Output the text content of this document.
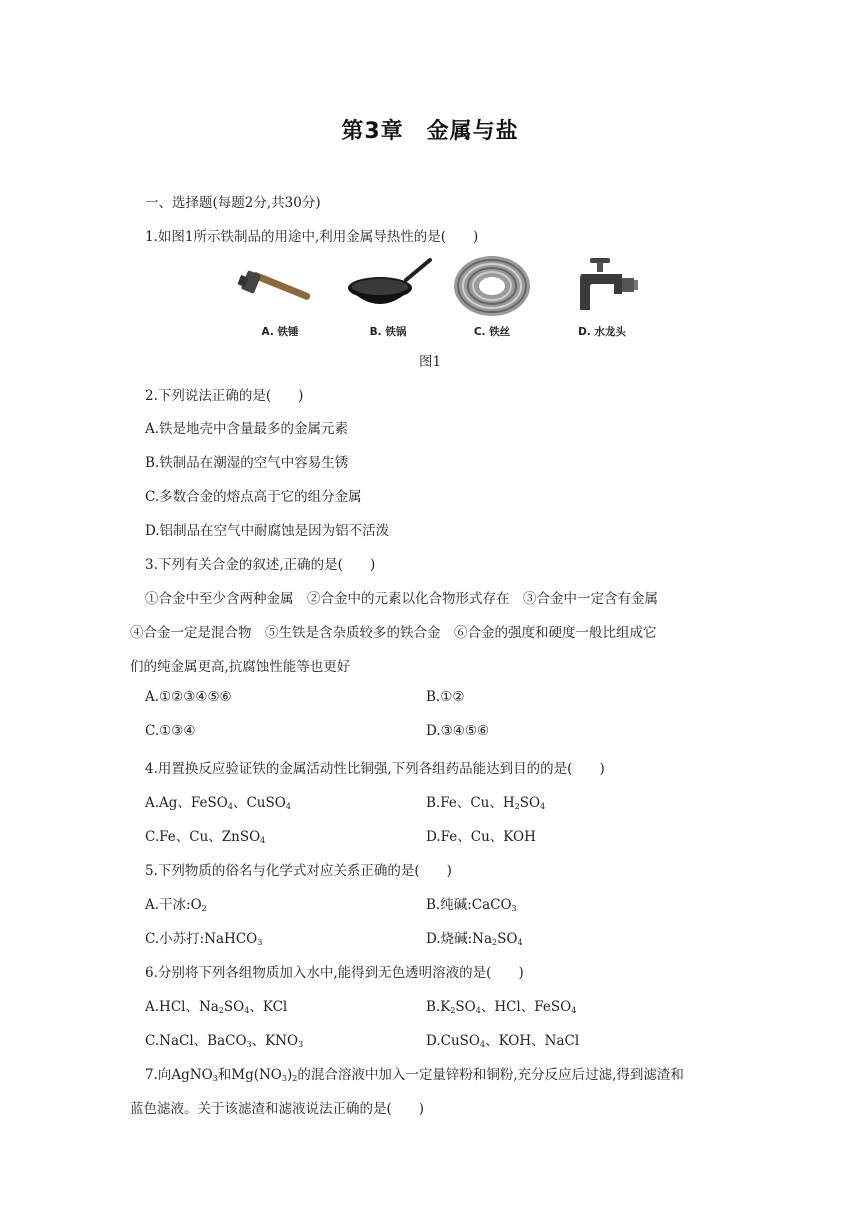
第3章　金属与盐
一、选择题(每题2分,共30分)
1.如图1所示铁制品的用途中,利用金属导热性的是(　　)
A. 铁锤	B. 铁锅	C. 铁丝	D. 水龙头
图1
2.下列说法正确的是(　　)
A.铁是地壳中含量最多的金属元素
B.铁制品在潮湿的空气中容易生锈
C.多数合金的熔点高于它的组分金属
D.铝制品在空气中耐腐蚀是因为铝不活泼
3.下列有关合金的叙述,正确的是(　　)
①合金中至少含两种金属　②合金中的元素以化合物形式存在　③合金中一定含有金属
④合金一定是混合物　⑤生铁是含杂质较多的铁合金　⑥合金的强度和硬度一般比组成它
们的纯金属更高,抗腐蚀性能等也更好
A.①②③④⑤⑥	B.①②
C.①③④	D.③④⑤⑥
4.用置换反应验证铁的金属活动性比铜强,下列各组药品能达到目的的是(　　)
A.Ag、FeSO$_4$、CuSO$_4$	B.Fe、Cu、$H_2SO_4$
C.Fe、Cu、ZnSO$_4$	D.Fe、Cu、KOH
5.下列物质的俗名与化学式对应关系正确的是(　　)
A.干冰$:O_2$	B.纯碱:CaCO$_3$
C.小苏打:NaHCO$_3$	D.烧碱$:Na_2SO_4$
6.分别将下列各组物质加入水中,能得到无色透明溶液的是(　　)
A.HCl、$Na_2SO_4$、KCl	$B.K_2SO_4$、HCl、FeSO$_4$
C.NaCl、BaCO$_3$、$KNO_3$	D.CuSO$_4$、KOH、NaCl
7.向AgNO$_3$和$Mg(NO_3)_2$的混合溶液中加入一定量锌粉和铜粉,充分反应后过滤,得到滤渣和
蓝色滤液。关于该滤渣和滤液说法正确的是(　　)
